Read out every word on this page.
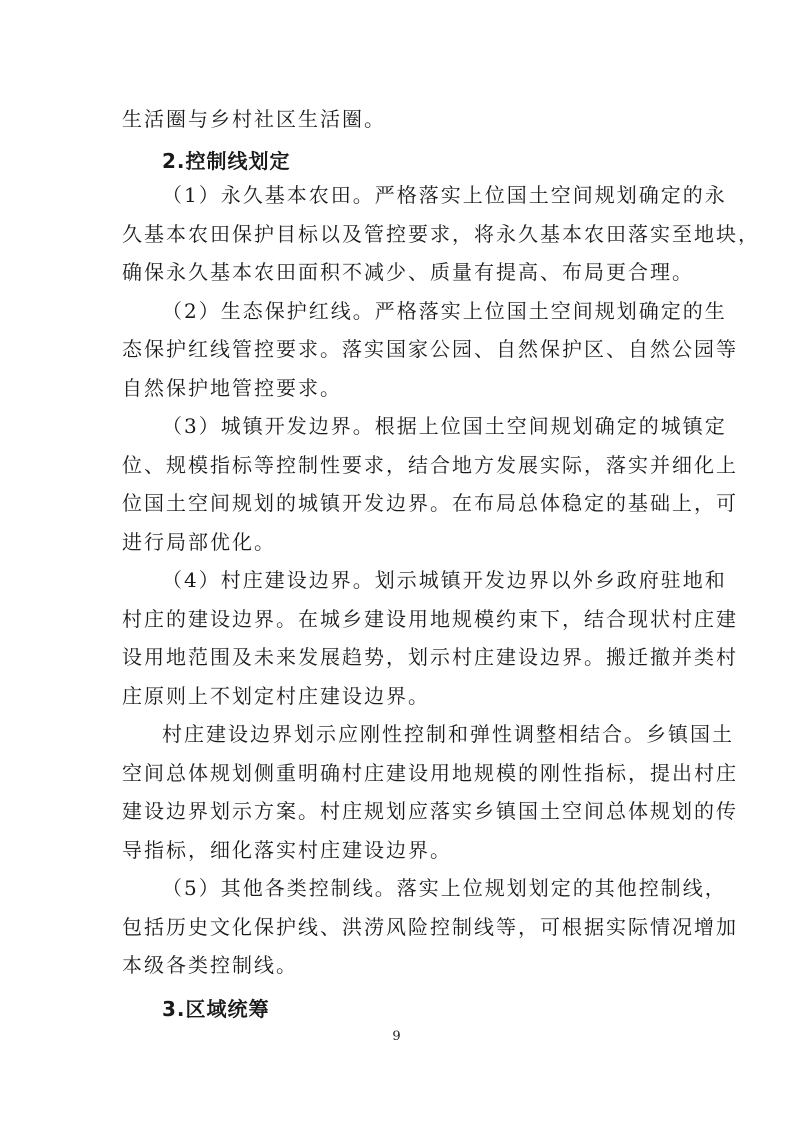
生活圈与乡村社区生活圈。
2.控制线划定
（1）永久基本农田。严格落实上位国土空间规划确定的永
久基本农田保护目标以及管控要求，将永久基本农田落实至地块，
确保永久基本农田面积不减少、质量有提高、布局更合理。
（2）生态保护红线。严格落实上位国土空间规划确定的生
态保护红线管控要求。落实国家公园、自然保护区、自然公园等
自然保护地管控要求。
（3）城镇开发边界。根据上位国土空间规划确定的城镇定
位、规模指标等控制性要求，结合地方发展实际，落实并细化上
位国土空间规划的城镇开发边界。在布局总体稳定的基础上，可
进行局部优化。
（4）村庄建设边界。划示城镇开发边界以外乡政府驻地和
村庄的建设边界。在城乡建设用地规模约束下，结合现状村庄建
设用地范围及未来发展趋势，划示村庄建设边界。搬迁撤并类村
庄原则上不划定村庄建设边界。
村庄建设边界划示应刚性控制和弹性调整相结合。乡镇国土
空间总体规划侧重明确村庄建设用地规模的刚性指标，提出村庄
建设边界划示方案。村庄规划应落实乡镇国土空间总体规划的传
导指标，细化落实村庄建设边界。
（5）其他各类控制线。落实上位规划划定的其他控制线，
包括历史文化保护线、洪涝风险控制线等，可根据实际情况增加
本级各类控制线。
3.区域统筹
9
